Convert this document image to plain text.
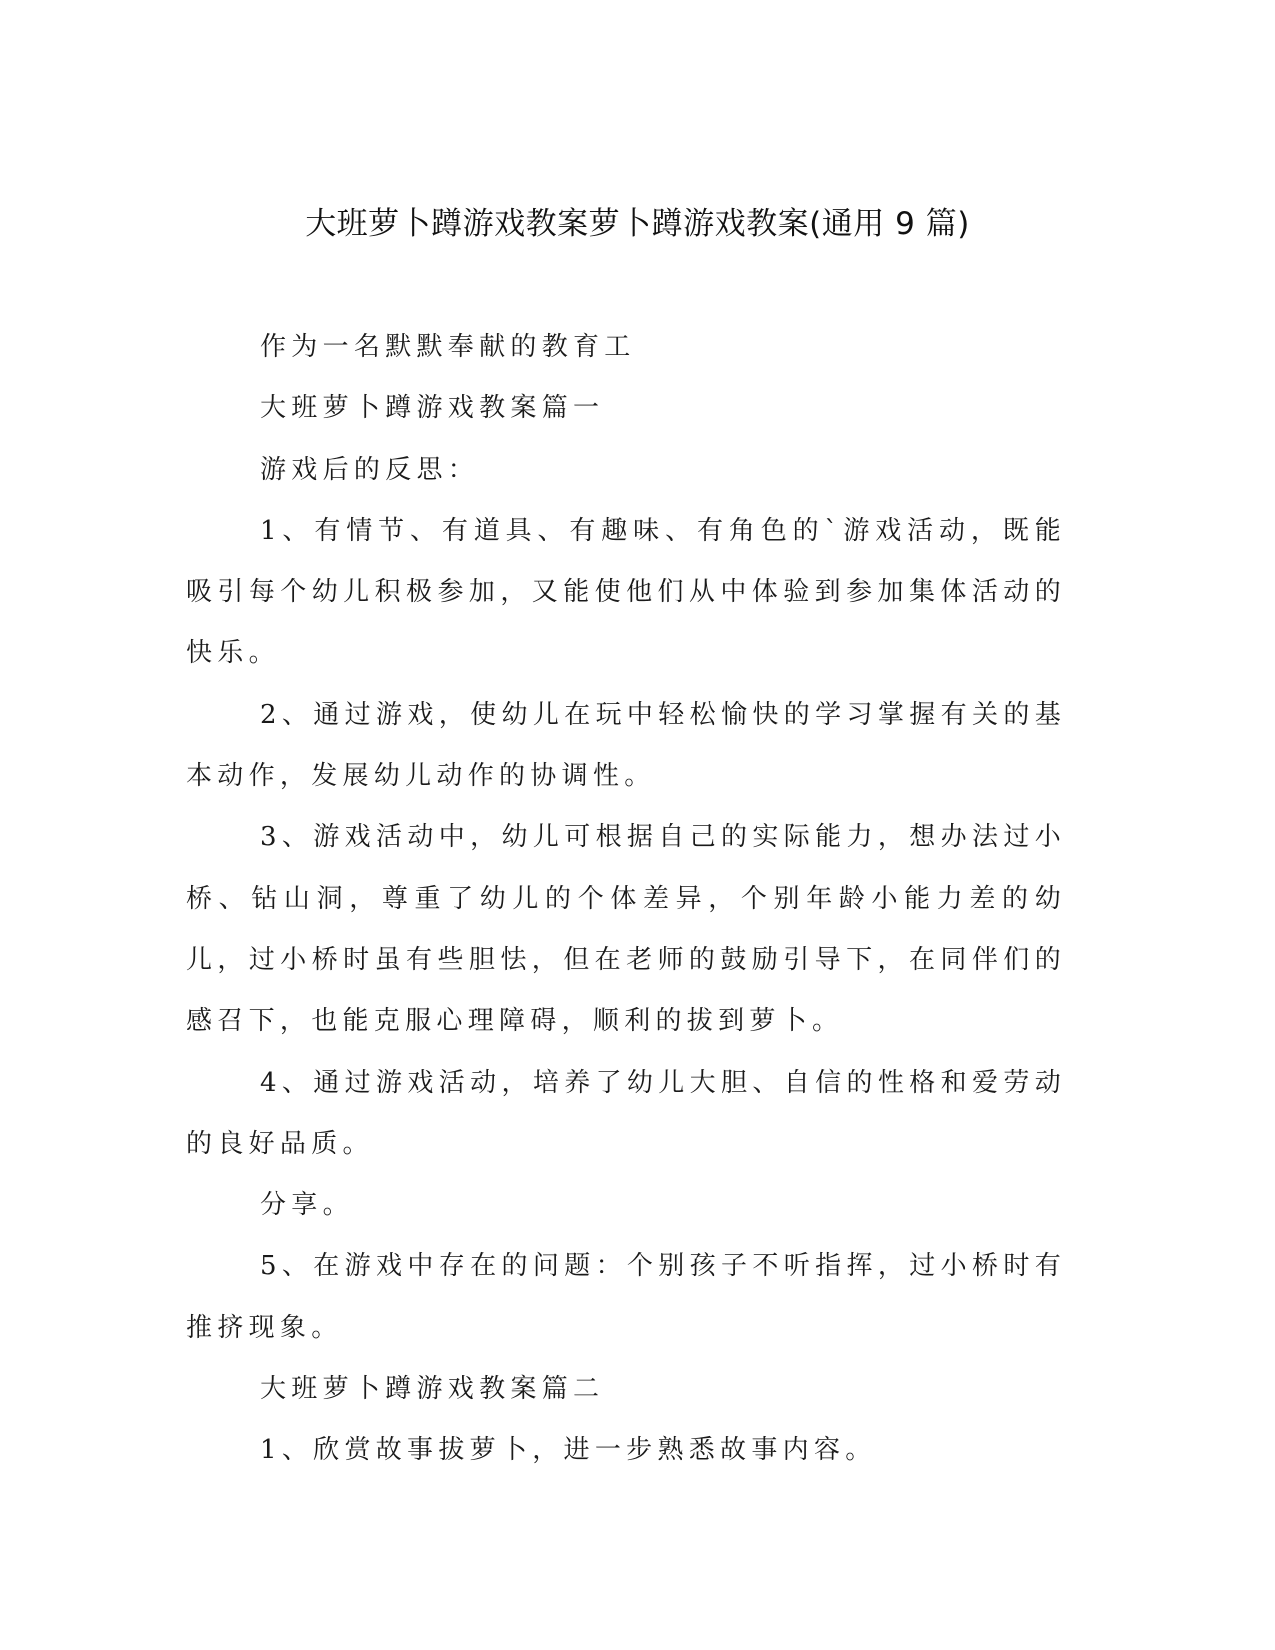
大班萝卜蹲游戏教案萝卜蹲游戏教案(通用 9 篇)

作为一名默默奉献的教育工

大班萝卜蹲游戏教案篇一

游戏后的反思：

1、有情节、有道具、有趣味、有角色的`游戏活动，既能吸引每个幼儿积极参加，又能使他们从中体验到参加集体活动的快乐。

2、通过游戏，使幼儿在玩中轻松愉快的学习掌握有关的基本动作，发展幼儿动作的协调性。

3、游戏活动中，幼儿可根据自己的实际能力，想办法过小桥、钻山洞，尊重了幼儿的个体差异，个别年龄小能力差的幼儿，过小桥时虽有些胆怯，但在老师的鼓励引导下，在同伴们的感召下，也能克服心理障碍，顺利的拔到萝卜。

4、通过游戏活动，培养了幼儿大胆、自信的性格和爱劳动的良好品质。

分享。

5、在游戏中存在的问题：个别孩子不听指挥，过小桥时有推挤现象。

大班萝卜蹲游戏教案篇二

1、欣赏故事拔萝卜，进一步熟悉故事内容。
